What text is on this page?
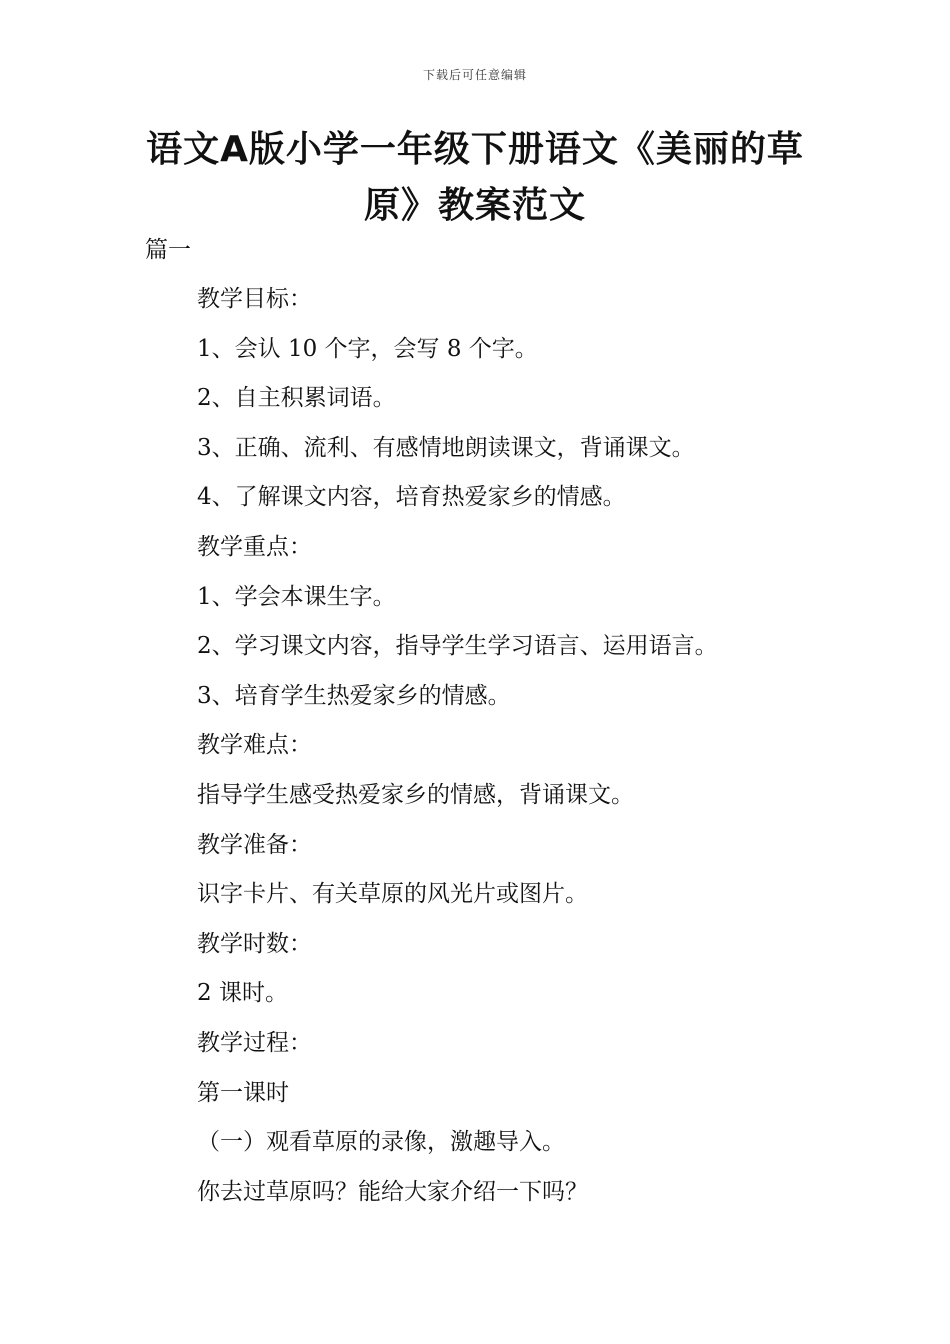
下载后可任意编辑
语文A版小学一年级下册语文《美丽的草
原》教案范文
篇一
教学目标：
1、会认 10 个字，会写 8 个字。
2、自主积累词语。
3、正确、流利、有感情地朗读课文，背诵课文。
4、了解课文内容，培育热爱家乡的情感。
教学重点：
1、学会本课生字。
2、学习课文内容，指导学生学习语言、运用语言。
3、培育学生热爱家乡的情感。
教学难点：
指导学生感受热爱家乡的情感，背诵课文。
教学准备：
识字卡片、有关草原的风光片或图片。
教学时数：
2 课时。
教学过程：
第一课时
（一）观看草原的录像，激趣导入。
你去过草原吗？能给大家介绍一下吗？
